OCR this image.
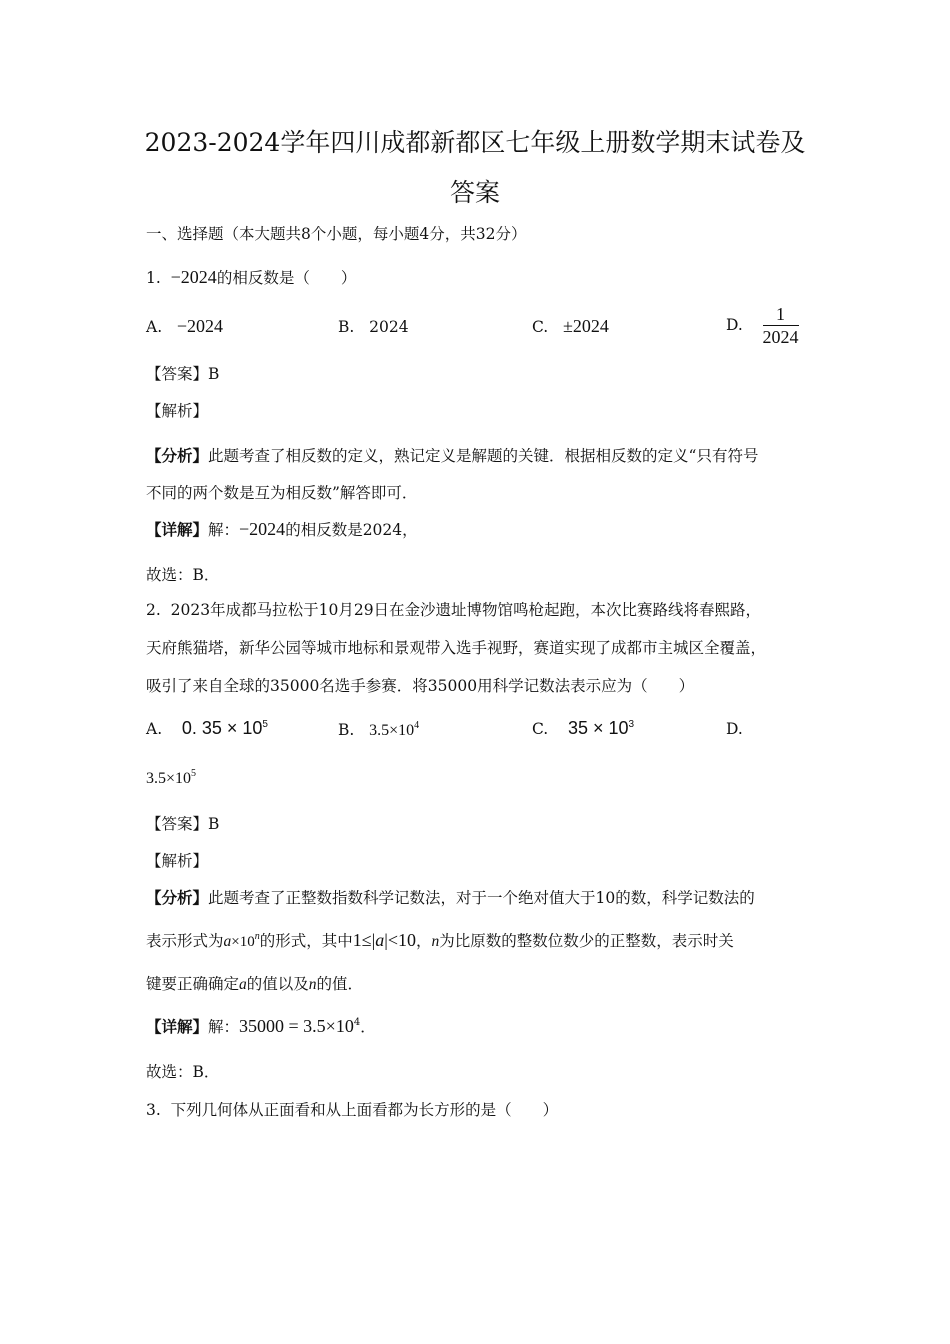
2023-2024学年四川成都新都区七年级上册数学期末试卷及
答案
一、选择题（本大题共8个小题，每小题4分，共32分）
1. −2024的相反数是（　　）
A. −2024	B. 2024	C. ±2024	D. $\frac{1}{2024}$
【答案】B
【解析】
【分析】此题考查了相反数的定义，熟记定义是解题的关键．根据相反数的定义“只有符号
不同的两个数是互为相反数”解答即可．
【详解】解：−2024的相反数是2024，
故选：B．
2. 2023年成都马拉松于10月29日在金沙遗址博物馆鸣枪起跑，本次比赛路线将春熙路，
天府熊猫塔，新华公园等城市地标和景观带入选手视野，赛道实现了成都市主城区全覆盖，
吸引了来自全球的35000名选手参赛．将35000用科学记数法表示应为（　　）
A. 0. $35 \times 10^5$	B. $3.5\times 10^4$	C. $35 \times 10^3$	D.
$3.5\times 10^5$
【答案】B
【解析】
【分析】此题考查了正整数指数科学记数法，对于一个绝对值大于10的数，科学记数法的
表示形式为$a\times 10^n$的形式，其中1≤|a|<10，n为比原数的整数位数少的正整数，表示时关
键要正确确定a的值以及n的值．
【详解】解：$35000 = 3.5\times 10^4$．
故选：B．
3. 下列几何体从正面看和从上面看都为长方形的是（　　）
